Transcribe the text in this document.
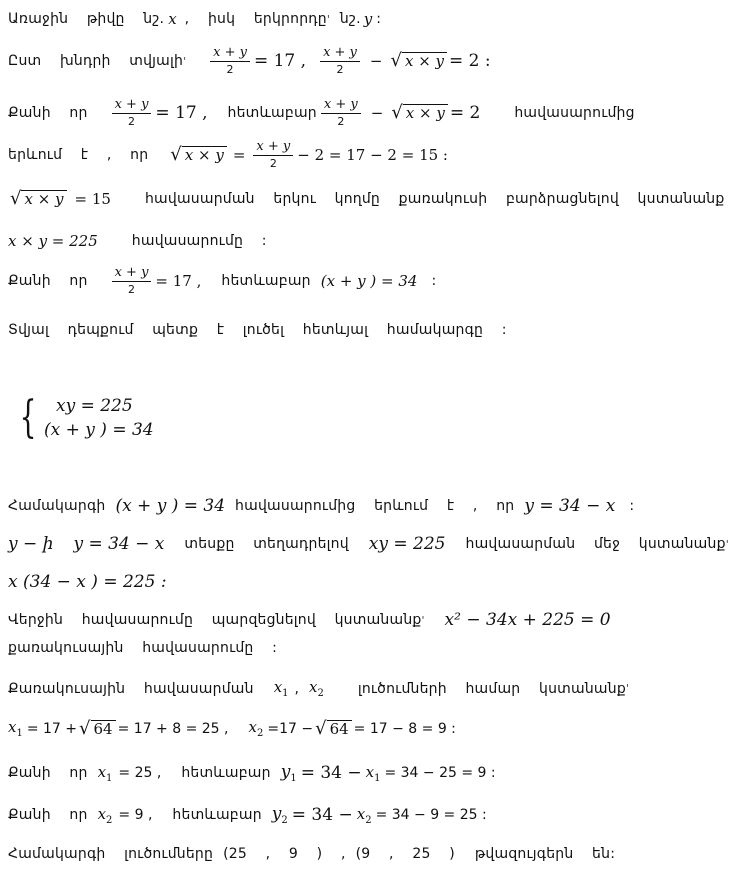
Առաջին թիվը նշ. x , իսկ երկրորդը ' նշ. y :
Ըստ խնդրի տվյալի ' $\frac{x + y}{2} = 17$ , $\frac{x + y}{2}$ − √ x × y = 2 :
Քանի որ $\frac{x + y}{2} = 17$ , հետևաբար $\frac{x + y}{2}$ − √ x × y = 2 հավասարումից
երևում է , որ √ $x \times y = \frac{x + y}{2} - 2 = 17 - 2 = 15$ :
√ x × y = 15 հավասարման երկու կողմը քառակուսի բարձրացնելով կստանանք
x × y = 225 հավասարումը :
Քանի որ $\frac{x + y}{2} = 17$ , հետևաբար (x + y ) = 34 :
Տվյալ դեպքում պետք է լուծել հետևյալ համակարգը :
{ xy = 225
(x + y ) = 34
Համակարգի (x + y ) = 34 հավասարումից երևում է , որ y = 34 − x :
y − ի y = 34 − x տեսքը տեղադրելով xy = 225 հավասարման մեջ կստանանք '
x (34 − x ) = 225 :
Վերջին հավասարումը պարզեցնելով կստանանք ' x² − 34x + 225 = 0
քառակուսային հավասարումը :
Քառակուսային հավասարման $x_1$ , $x_2$ լուծումների համար կստանանք '
$x_1 = 17$ + √ 64 = 17 + 8 = 25 , $x_2 =17$ − √ 64 = 17 − 8 = 9 :
Քանի որ $x_1 = 25$ , հետևաբար $y_1 = 34 - x_1 = 34 - 25 = 9$ :
Քանի որ $x_2 = 9$ , հետևաբար $y_2 = 34 - x_2 = 34 - 9 = 25$ :
Համակարգի լուծումները (25 , 9 ) , (9 , 25 ) թվազույգերն են:
